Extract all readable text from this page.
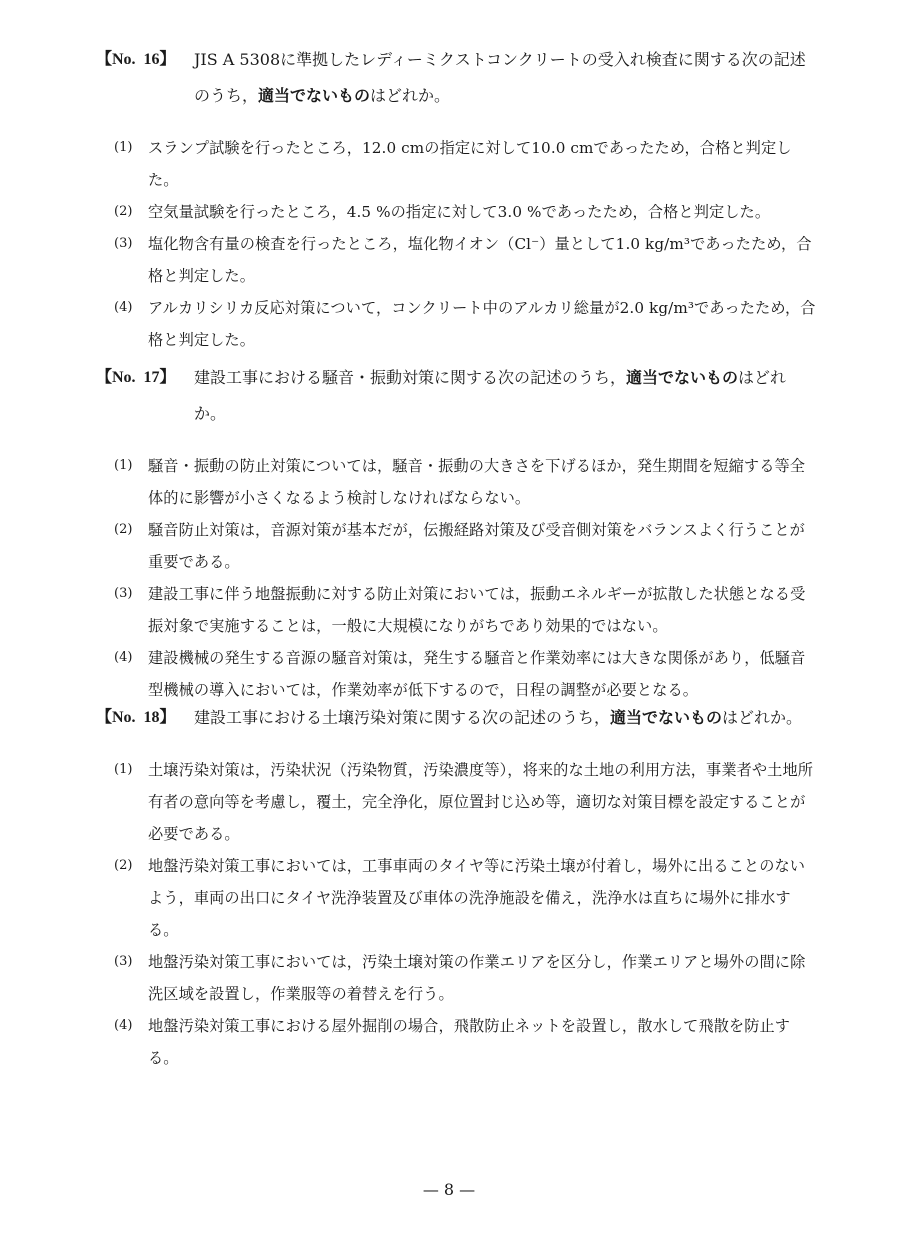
【No.  16】	JIS A 5308に準拠したレディーミクストコンクリートの受入れ検査に関する次の記述のうち，適当でないものはどれか。
(1)	スランプ試験を行ったところ，12.0 cmの指定に対して10.0 cmであったため，合格と判定した。
(2)	空気量試験を行ったところ，4.5 %の指定に対して3.0 %であったため，合格と判定した。
(3)	塩化物含有量の検査を行ったところ，塩化物イオン（Cl⁻）量として1.0 kg/m³であったため，合格と判定した。
(4)	アルカリシリカ反応対策について，コンクリート中のアルカリ総量が2.0 kg/m³であったため，合格と判定した。
【No.  17】	建設工事における騒音・振動対策に関する次の記述のうち，適当でないものはどれか。
(1)	騒音・振動の防止対策については，騒音・振動の大きさを下げるほか，発生期間を短縮する等全体的に影響が小さくなるよう検討しなければならない。
(2)	騒音防止対策は，音源対策が基本だが，伝搬経路対策及び受音側対策をバランスよく行うことが重要である。
(3)	建設工事に伴う地盤振動に対する防止対策においては，振動エネルギーが拡散した状態となる受振対象で実施することは，一般に大規模になりがちであり効果的ではない。
(4)	建設機械の発生する音源の騒音対策は，発生する騒音と作業効率には大きな関係があり，低騒音型機械の導入においては，作業効率が低下するので，日程の調整が必要となる。
【No.  18】	建設工事における土壌汚染対策に関する次の記述のうち，適当でないものはどれか。
(1)	土壌汚染対策は，汚染状況（汚染物質，汚染濃度等），将来的な土地の利用方法，事業者や土地所有者の意向等を考慮し，覆土，完全浄化，原位置封じ込め等，適切な対策目標を設定することが必要である。
(2)	地盤汚染対策工事においては，工事車両のタイヤ等に汚染土壌が付着し，場外に出ることのないよう，車両の出口にタイヤ洗浄装置及び車体の洗浄施設を備え，洗浄水は直ちに場外に排水する。
(3)	地盤汚染対策工事においては，汚染土壌対策の作業エリアを区分し，作業エリアと場外の間に除洗区域を設置し，作業服等の着替えを行う。
(4)	地盤汚染対策工事における屋外掘削の場合，飛散防止ネットを設置し，散水して飛散を防止する。
— 8 —
